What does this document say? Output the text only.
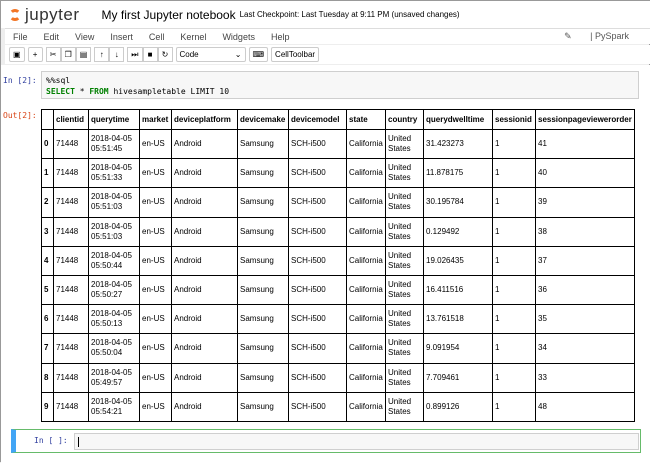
jupyter My first Jupyter notebook Last Checkpoint: Last Tuesday at 9:11 PM (unsaved changes)
File Edit View Insert Cell Kernel Widgets Help	✎ | PySpark
▣ + ✂ ❐ ▤ ↑ ↓ ⏭ ■ ↻ Code	⌄ ⌨	CellToolbar
In [2]: %%sql
SELECT * FROM hivesampletable LIMIT 10
Out[2]:
	clientid	querytime	market	deviceplatform	devicemake	devicemodel	state	country	querydwelltime	sessionid	sessionpageviewerorder
0	71448	2018-04-05 05:51:45	en-US	Android	Samsung	SCH-i500	California	United States	31.423273	1	41
1	71448	2018-04-05 05:51:33	en-US	Android	Samsung	SCH-i500	California	United States	11.878175	1	40
2	71448	2018-04-05 05:51:03	en-US	Android	Samsung	SCH-i500	California	United States	30.195784	1	39
3	71448	2018-04-05 05:51:03	en-US	Android	Samsung	SCH-i500	California	United States	0.129492	1	38
4	71448	2018-04-05 05:50:44	en-US	Android	Samsung	SCH-i500	California	United States	19.026435	1	37
5	71448	2018-04-05 05:50:27	en-US	Android	Samsung	SCH-i500	California	United States	16.411516	1	36
6	71448	2018-04-05 05:50:13	en-US	Android	Samsung	SCH-i500	California	United States	13.761518	1	35
7	71448	2018-04-05 05:50:04	en-US	Android	Samsung	SCH-i500	California	United States	9.091954	1	34
8	71448	2018-04-05 05:49:57	en-US	Android	Samsung	SCH-i500	California	United States	7.709461	1	33
9	71448	2018-04-05 05:54:21	en-US	Android	Samsung	SCH-i500	California	United States	0.899126	1	48
In [ ]:
